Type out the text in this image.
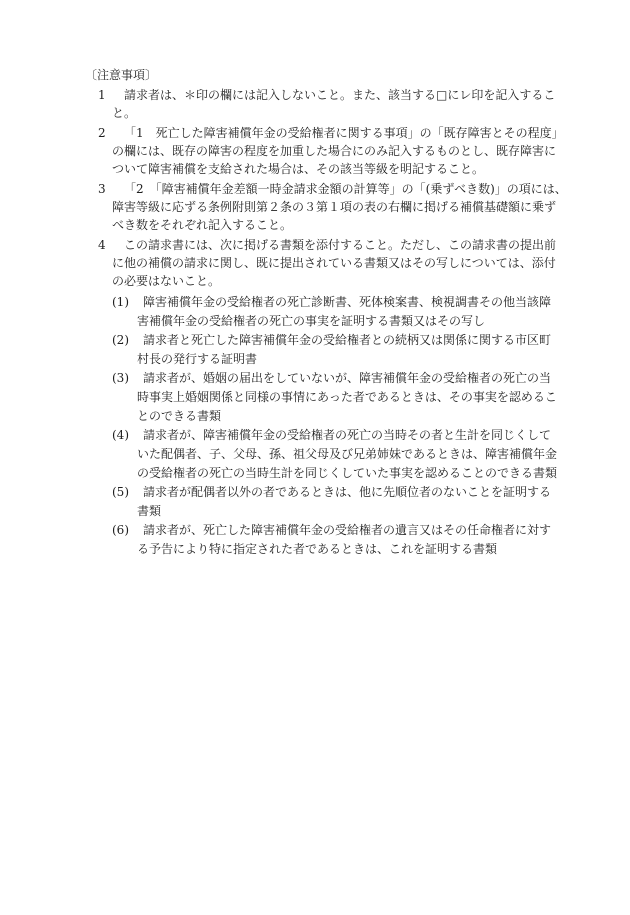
〔注意事項〕
1 請求者は、＊印の欄には記入しないこと。また、該当する□にレ印を記入するこ
と。
2 「1　死亡した障害補償年金の受給権者に関する事項」の「既存障害とその程度」
の欄には、既存の障害の程度を加重した場合にのみ記入するものとし、既存障害に
ついて障害補償を支給された場合は、その該当等級を明記すること。
3 「2　「障害補償年金差額一時金請求金額の計算等」の「(乗ずべき数)」の項には、
障害等級に応ずる条例附則第２条の３第１項の表の右欄に掲げる補償基礎額に乗ず
べき数をそれぞれ記入すること。
4 この請求書には、次に掲げる書類を添付すること。ただし、この請求書の提出前
に他の補償の請求に関し、既に提出されている書類又はその写しについては、添付
の必要はないこと。
(1) 障害補償年金の受給権者の死亡診断書、死体検案書、検視調書その他当該障
害補償年金の受給権者の死亡の事実を証明する書類又はその写し
(2) 請求者と死亡した障害補償年金の受給権者との続柄又は関係に関する市区町
村長の発行する証明書
(3) 請求者が、婚姻の届出をしていないが、障害補償年金の受給権者の死亡の当
時事実上婚姻関係と同様の事情にあった者であるときは、その事実を認めるこ
とのできる書類
(4) 請求者が、障害補償年金の受給権者の死亡の当時その者と生計を同じくして
いた配偶者、子、父母、孫、祖父母及び兄弟姉妹であるときは、障害補償年金
の受給権者の死亡の当時生計を同じくしていた事実を認めることのできる書類
(5) 請求者が配偶者以外の者であるときは、他に先順位者のないことを証明する
書類
(6) 請求者が、死亡した障害補償年金の受給権者の遺言又はその任命権者に対す
る予告により特に指定された者であるときは、これを証明する書類
